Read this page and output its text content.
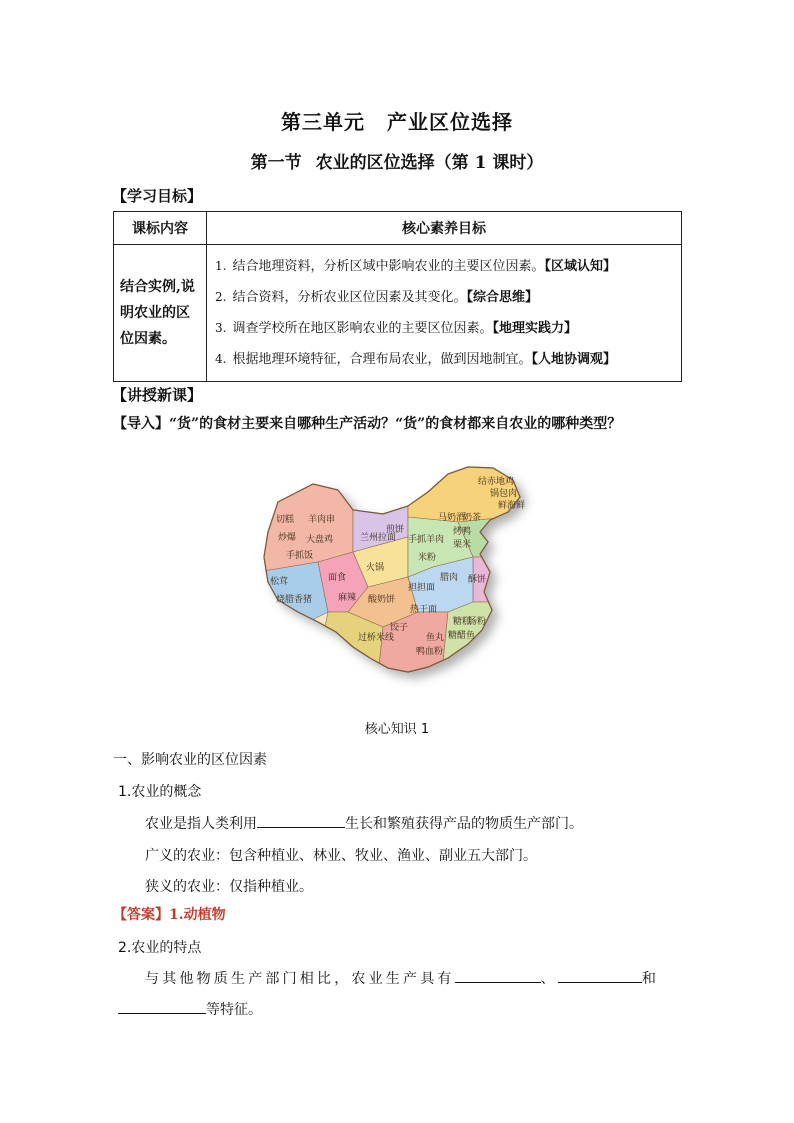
第三单元 产业区位选择
第一节 农业的区位选择（第 1 课时）
【学习目标】
课标内容	核心素养目标
结合实例,说明农业的区位因素。	1. 结合地理资料，分析区域中影响农业的主要区位因素。【区域认知】
2. 结合资料，分析农业区位因素及其变化。【综合思维】
3. 调查学校所在地区影响农业的主要区位因素。【地理实践力】
4. 根据地理环境特征，合理布局农业，做到因地制宜。【人地协调观】
【讲授新课】
【导入】“货”的食材主要来自哪种生产活动？“货”的食材都来自农业的哪种类型？
结赤地鸡
锅包肉
鲜海鲜
马奶酒
奶茶
烤鸭
切糕 羊肉串
炒爆 大盘鸡
手抓饭
煎饼
兰州拉面 手抓羊肉 栗米
松茸
烧腊香猪
面食
火锅
麻辣 酸奶饼
担担面
腊肉
米粉
热干面
糖糕
过桥米线
饺子
鱼丸
酥饼
肠粉
糖醋鱼
鸭血粉
核心知识 1
一、影响农业的区位因素
1.农业的概念
农业是指人类利用	生长和繁殖获得产品的物质生产部门。
广义的农业：包含种植业、林业、牧业、渔业、副业五大部门。
狭义的农业：仅指种植业。
【答案】1.动植物
2.农业的特点
与其他物质生产部门相比，农业生产具有	、	和
等特征。
